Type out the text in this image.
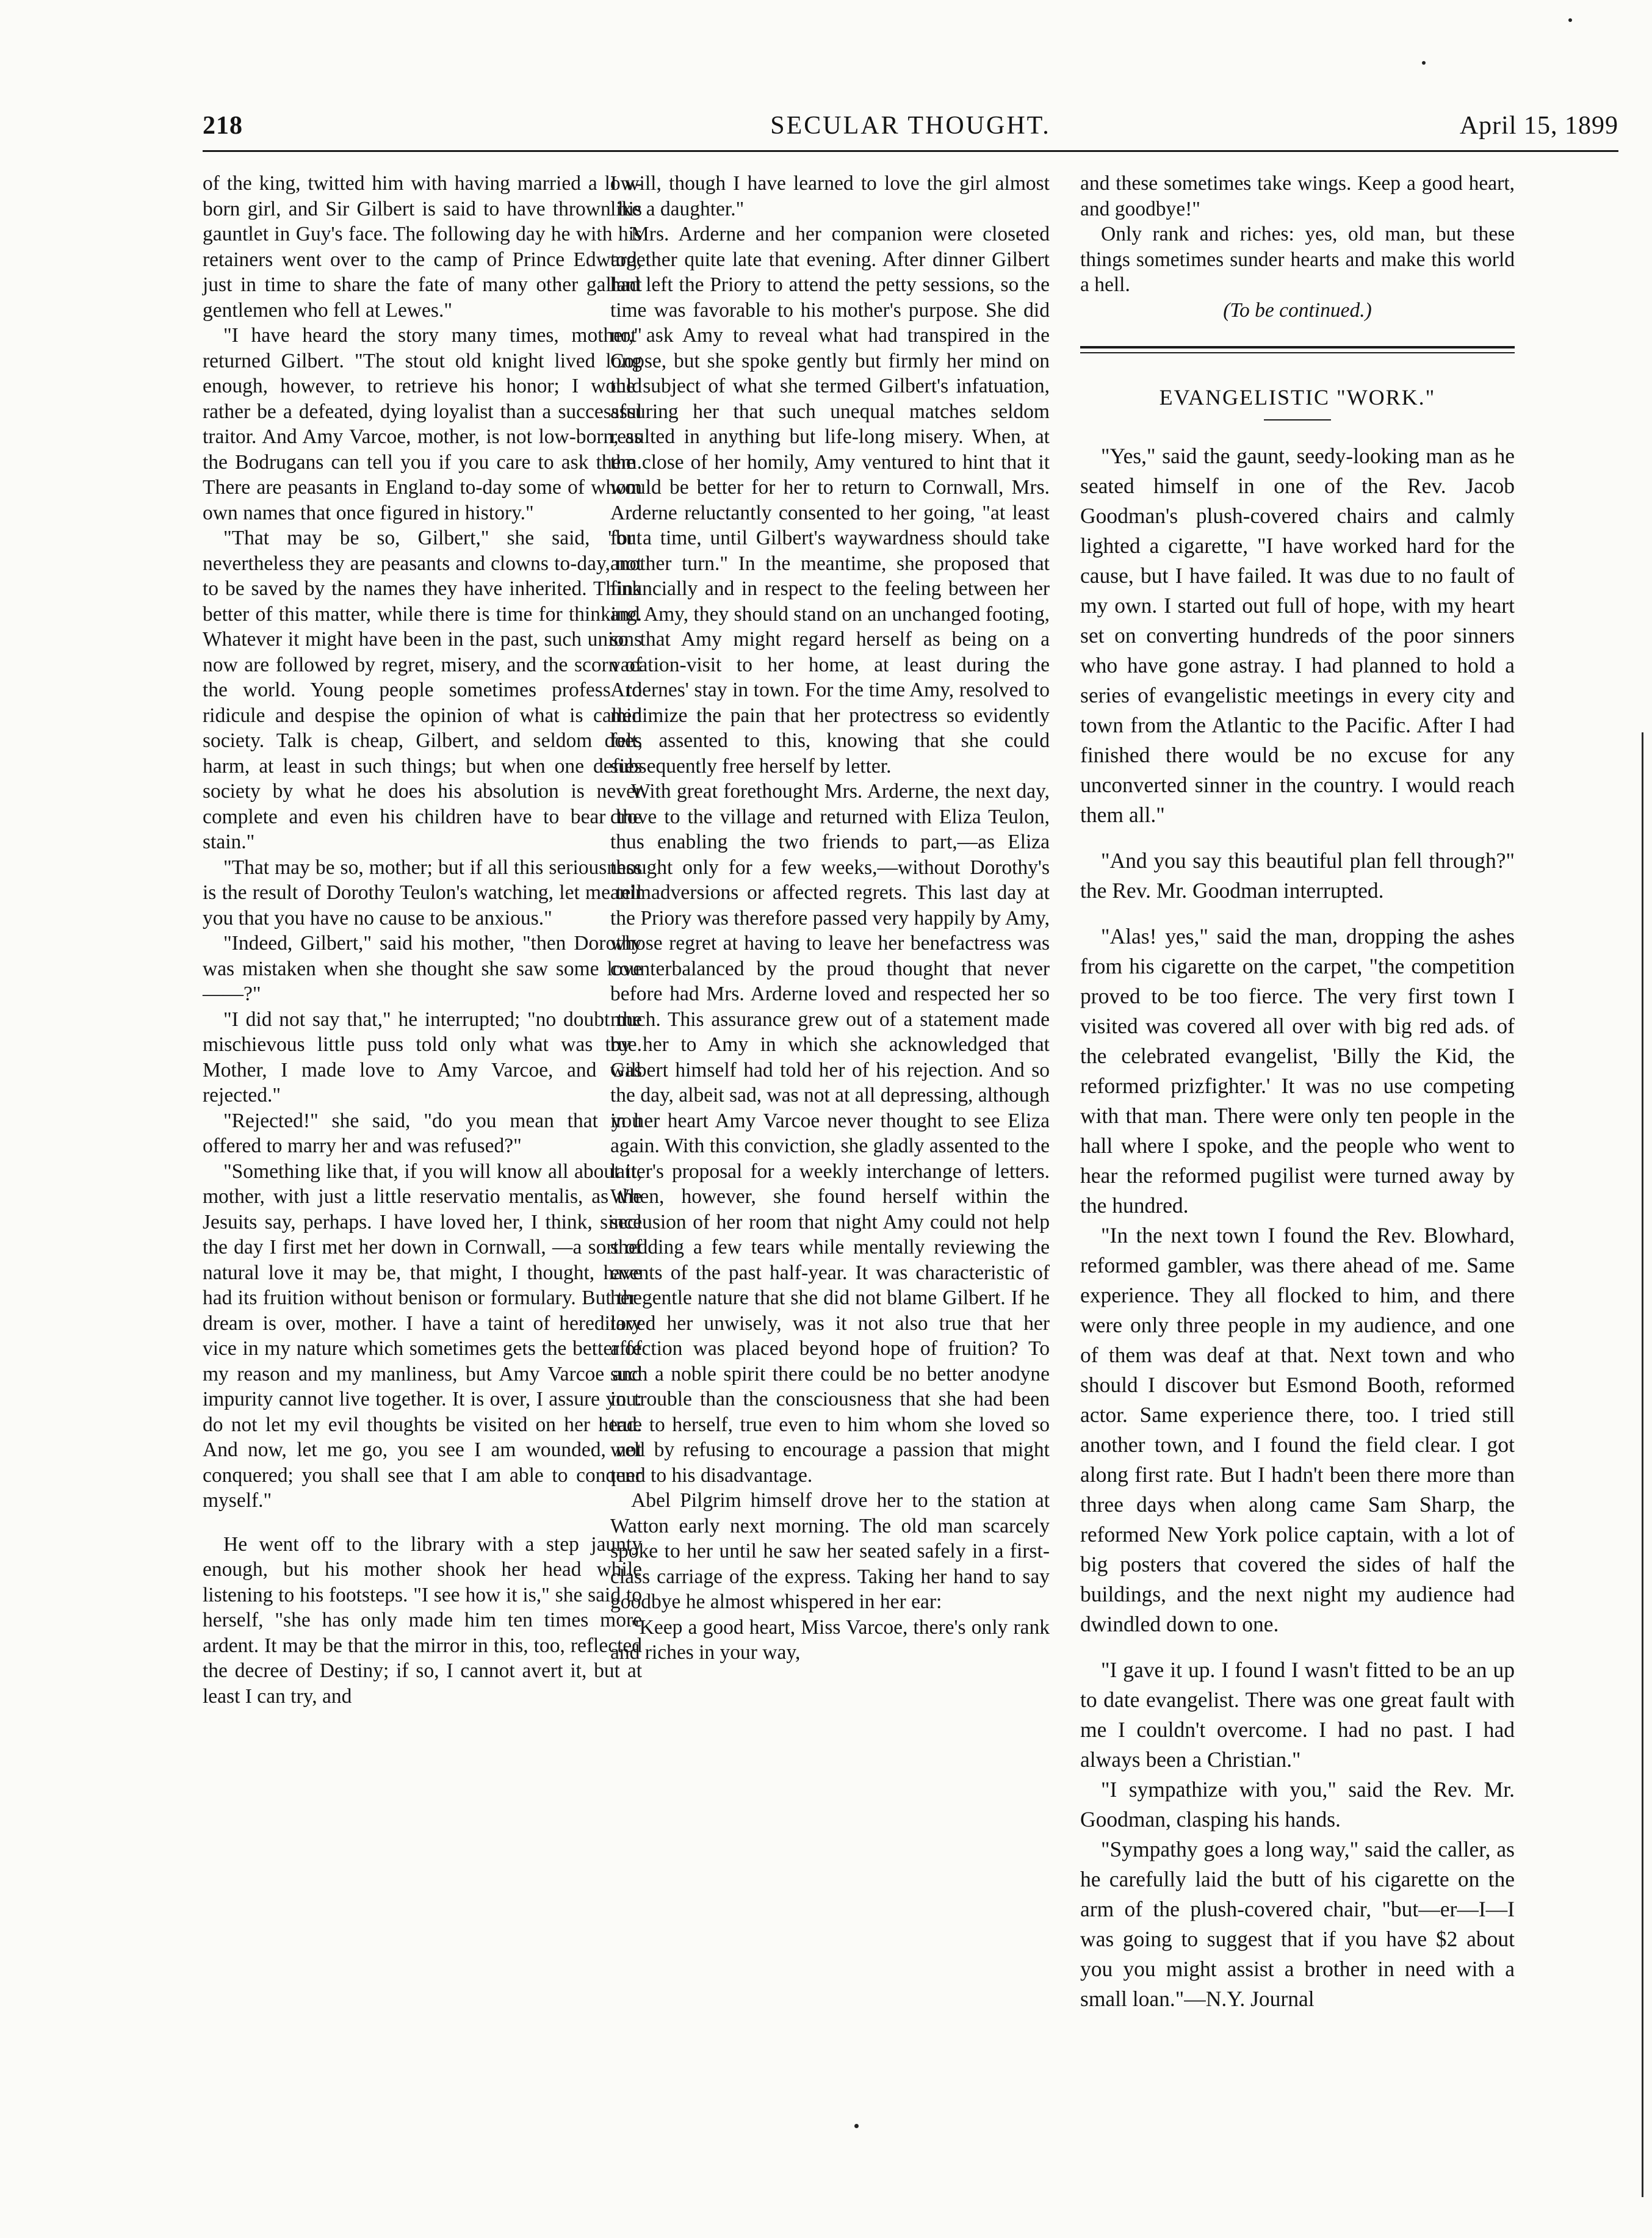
218	SECULAR THOUGHT.	April 15, 1899

of the king, twitted him with having married a low-born girl, and Sir Gilbert is said to have thrown his gauntlet in Guy's face. The following day he with his retainers went over to the camp of Prince Edward, just in time to share the fate of many other gallant gentlemen who fell at Lewes."

"I have heard the story many times, mother," returned Gilbert. "The stout old knight lived long enough, however, to retrieve his honor; I would rather be a defeated, dying loyalist than a successful traitor. And Amy Varcoe, mother, is not low-born, as the Bodrugans can tell you if you care to ask them. There are peasants in England to-day some of whom own names that once figured in history."

"That may be so, Gilbert," she said, "but nevertheless they are peasants and clowns to-day, not to be saved by the names they have inherited. Think better of this matter, while there is time for thinking. Whatever it might have been in the past, such unions now are followed by regret, misery, and the scorn of the world. Young people sometimes profess to ridicule and despise the opinion of what is called society. Talk is cheap, Gilbert, and seldom does harm, at least in such things; but when one defies society by what he does his absolution is never complete and even his children have to bear the stain."

"That may be so, mother; but if all this seriousness is the result of Dorothy Teulon's watching, let me tell you that you have no cause to be anxious."

"Indeed, Gilbert," said his mother, "then Dorothy was mistaken when she thought she saw some love——?"

"I did not say that," he interrupted; "no doubt the mischievous little puss told only what was true. Mother, I made love to Amy Varcoe, and was rejected."

"Rejected!" she said, "do you mean that you offered to marry her and was refused?"

"Something like that, if you will know all about it, mother, with just a little reservatio mentalis, as the Jesuits say, perhaps. I have loved her, I think, since the day I first met her down in Cornwall, —a sort of natural love it may be, that might, I thought, have had its fruition without benison or formulary. But the dream is over, mother. I have a taint of hereditary vice in my nature which sometimes gets the better of my reason and my manliness, but Amy Varcoe and impurity cannot live together. It is over, I assure you: do not let my evil thoughts be visited on her head. And now, let me go, you see I am wounded, not conquered; you shall see that I am able to conquer myself."

He went off to the library with a step jaunty enough, but his mother shook her head while listening to his footsteps. "I see how it is," she said to herself, "she has only made him ten times more ardent. It may be that the mirror in this, too, reflected the decree of Destiny; if so, I cannot avert it, but at least I can try, and

I will, though I have learned to love the girl almost like a daughter."

Mrs. Arderne and her companion were closeted together quite late that evening. After dinner Gilbert had left the Priory to attend the petty sessions, so the time was favorable to his mother's purpose. She did not ask Amy to reveal what had transpired in the Copse, but she spoke gently but firmly her mind on the subject of what she termed Gilbert's infatuation, assuring her that such unequal matches seldom resulted in anything but life-long misery. When, at the close of her homily, Amy ventured to hint that it would be better for her to return to Cornwall, Mrs. Arderne reluctantly consented to her going, "at least for a time, until Gilbert's waywardness should take another turn." In the meantime, she proposed that financially and in respect to the feeling between her and Amy, they should stand on an unchanged footing, so that Amy might regard herself as being on a vacation-visit to her home, at least during the Ardernes' stay in town. For the time Amy, resolved to minimize the pain that her protectress so evidently felt, assented to this, knowing that she could subsequently free herself by letter.

With great forethought Mrs. Arderne, the next day, drove to the village and returned with Eliza Teulon, thus enabling the two friends to part,—as Eliza thought only for a few weeks,—without Dorothy's animadversions or affected regrets. This last day at the Priory was therefore passed very happily by Amy, whose regret at having to leave her benefactress was counterbalanced by the proud thought that never before had Mrs. Arderne loved and respected her so much. This assurance grew out of a statement made by her to Amy in which she acknowledged that Gilbert himself had told her of his rejection. And so the day, albeit sad, was not at all depressing, although in her heart Amy Varcoe never thought to see Eliza again. With this conviction, she gladly assented to the latter's proposal for a weekly interchange of letters. When, however, she found herself within the seclusion of her room that night Amy could not help shedding a few tears while mentally reviewing the events of the past half-year. It was characteristic of her gentle nature that she did not blame Gilbert. If he loved her unwisely, was it not also true that her affection was placed beyond hope of fruition? To such a noble spirit there could be no better anodyne in trouble than the consciousness that she had been true to herself, true even to him whom she loved so well by refusing to encourage a passion that might tend to his disadvantage.

Abel Pilgrim himself drove her to the station at Watton early next morning. The old man scarcely spoke to her until he saw her seated safely in a first-class carriage of the express. Taking her hand to say goodbye he almost whispered in her ear:

"Keep a good heart, Miss Varcoe, there's only rank and riches in your way,

and these sometimes take wings. Keep a good heart, and goodbye!"

Only rank and riches: yes, old man, but these things sometimes sunder hearts and make this world a hell.

(To be continued.)

EVANGELISTIC "WORK."

"Yes," said the gaunt, seedy-looking man as he seated himself in one of the Rev. Jacob Goodman's plush-covered chairs and calmly lighted a cigarette, "I have worked hard for the cause, but I have failed. It was due to no fault of my own. I started out full of hope, with my heart set on converting hundreds of the poor sinners who have gone astray. I had planned to hold a series of evangelistic meetings in every city and town from the Atlantic to the Pacific. After I had finished there would be no excuse for any unconverted sinner in the country. I would reach them all."

"And you say this beautiful plan fell through?" the Rev. Mr. Goodman interrupted.

"Alas! yes," said the man, dropping the ashes from his cigarette on the carpet, "the competition proved to be too fierce. The very first town I visited was covered all over with big red ads. of the celebrated evangelist, 'Billy the Kid, the reformed prizfighter.' It was no use competing with that man. There were only ten people in the hall where I spoke, and the people who went to hear the reformed pugilist were turned away by the hundred.

"In the next town I found the Rev. Blowhard, reformed gambler, was there ahead of me. Same experience. They all flocked to him, and there were only three people in my audience, and one of them was deaf at that. Next town and who should I discover but Esmond Booth, reformed actor. Same experience there, too. I tried still another town, and I found the field clear. I got along first rate. But I hadn't been there more than three days when along came Sam Sharp, the reformed New York police captain, with a lot of big posters that covered the sides of half the buildings, and the next night my audience had dwindled down to one.

"I gave it up. I found I wasn't fitted to be an up to date evangelist. There was one great fault with me I couldn't overcome. I had no past. I had always been a Christian."

"I sympathize with you," said the Rev. Mr. Goodman, clasping his hands.

"Sympathy goes a long way," said the caller, as he carefully laid the butt of his cigarette on the arm of the plush-covered chair, "but—er—I—I was going to suggest that if you have $2 about you you might assist a brother in need with a small loan."—N.Y. Journal
